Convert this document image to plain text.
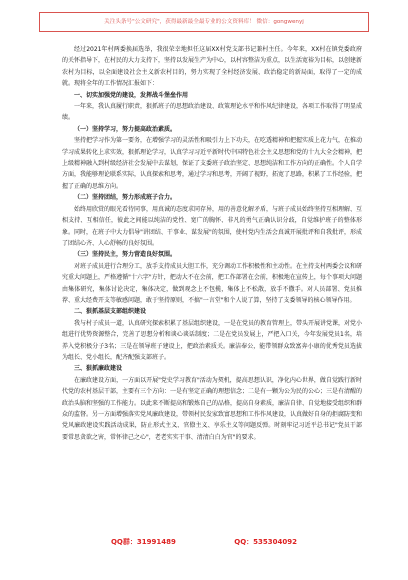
关注头条号"公文研究"，获得最新最全最专业的公文资料库！ 微信：gongwenyj

经过2021年村两委换届选举，我很荣幸地担任这届XX村党支部书记兼村主任。今年来，XX村在镇党委政府的关怀指导下，在村民的大力支持下，坚持以发展生产为中心，以村容整洁为重点，以生活宽裕为目标，以创建新农村为目标，以全面建设社会主义新农村目的，努力实现了全村经济发展、政治稳定的新局面，取得了一定的成就。现将全年的工作情况汇报如下：

一、切实加强党的建设，发挥战斗堡垒作用

一年来，我认真履行职责，狠抓班子的思想政治建设、政策理论水平和作风纪律建设，各项工作取得了明显成绩。

（一）坚持学习，努力提高政治素质。

坚持把学习作为第一要务，在增强学习的灵活性和吸引力上下功夫，在吃透精神和把握实质上花力气，在推动学习成果转化上求实效，狠抓理论学习，认真学习习近平新时代中国特色社会主义思想和党的十九大全会精神，把上级精神融入到村级经济社会发展中去谋划，保证了支委班子政治坚定、思想纯洁和工作方向的正确性。个人自学方面，我能够理论联系实际，认真探索和思考，通过学习和思考，开阔了视野，拓宽了思路，积累了工作经验，把握了正确的思维方向。

（二）坚持团结，努力形成班子合力。

始终用欣赏的眼光看待同事，用真诚的态度求同存异，用的善意化解矛盾，与班子成员始终坚持互相理解、互相支持、互相信任，彼此之间能以纯洁的党性、宽广的胸怀、非凡的勇气正确认识分歧，自觉维护班子的整体形象。同时，在班子中大力倡导"讲团结、干事业、谋发展"的氛围，使村党内生活会真诚开展批评和自我批评，形成了团结心齐、人心舒畅的良好氛围。

（三）坚持民主，努力营造良好氛围。

对班子成员进行合理分工，放手支持成员大胆工作，充分调动工作积极性和主动性。在主持支村两委会议和研究重大问题上，严格遵循"十六字"方针，把动大不在会前，把工作部署在会前，积极地在宣传上，每个事项大问题由集体研究，集体讨论决定，集体决定，做到观念上不包揽，集体上不松散，放手不撒手。对人员部署、党员推荐、重大经费开支等敏感问题，敢于坚持原则，不搞"一言堂"和个人说了算，坚持了支委领导的核心领导作用。

二、狠抓基层支部组织建设

我与村子成员一道，认真研究探索积累了基层组织建设，一是在党员的教育管理上，带头开展讲党课，对党小组进行优势资源整合，完善了思想分析和谈心谈话制度；二是在党员发展上，严把入口关，今年发展党员1名，培养入党积极分子3名；三是在领导班子建设上，把政治素质关。廉洁奉公，能带领群众致富奔小康的优秀党员选拔为组长、党小组长，配齐配强支部班子。

三、狠抓廉政建设

在廉政建设方面，一方面以开展"党史学习教育"活动为契机，提高思想认识，净化内心世界，做自觉践行新时代党的农村基层干部，主要有三个方向：一是有坚定正确的理想信念；二是有一颗为公为民的公心；三是有清醒的政治头脑和坚强的工作能力。以此来不断提高和锻炼自己的品格，提高自身素质，廉洁自律、自觉地接受组织和群众的监督。另一方面增强落实党风廉政建设，带领村民发家致富思想和工作作风建设，认真做好自身的拒腐防变和党风廉政建设实践活动成果，防止形式主义、官僚主义、享乐主义等问题反弹。时刻牢记习近平总书记"党员干部要常思贪欲之害，常怀律己之心"，老老实实干事、清清白白为官"的要求。

QQ群：31991489	QQ：535304092
